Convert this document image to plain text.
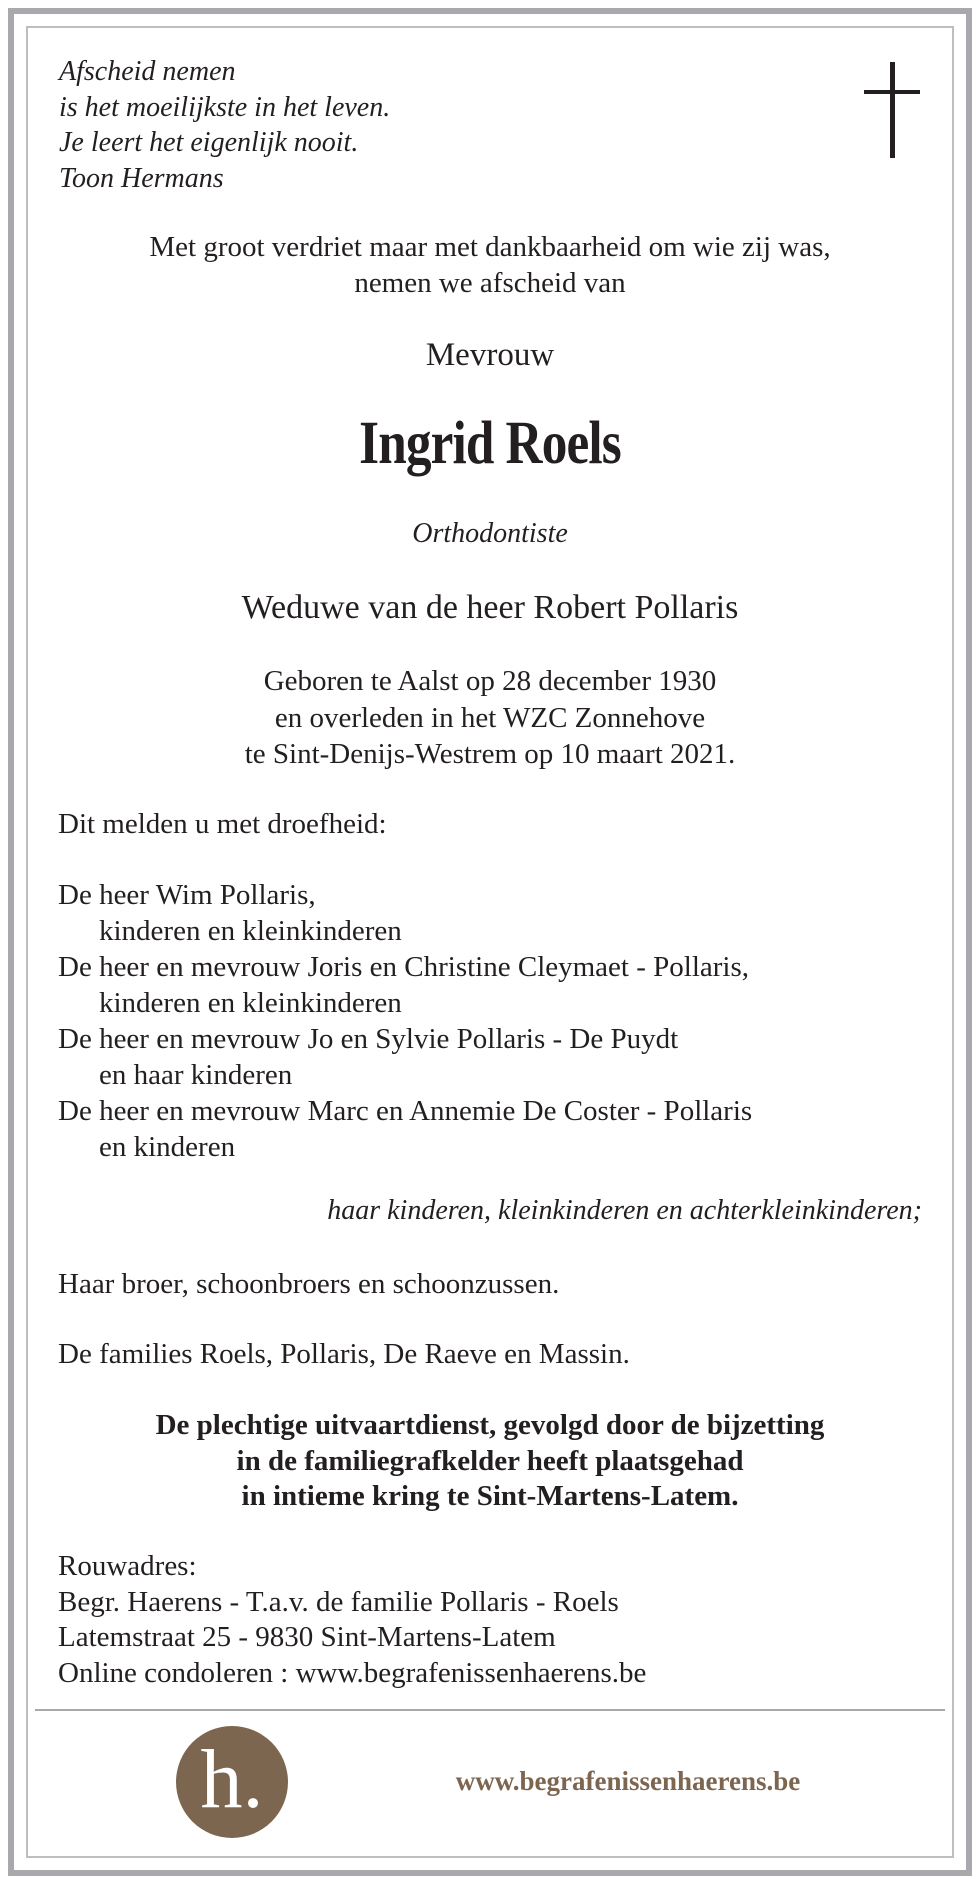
Afscheid nemen
is het moeilijkste in het leven.
Je leert het eigenlijk nooit.
Toon Hermans
Met groot verdriet maar met dankbaarheid om wie zij was,
nemen we afscheid van
Mevrouw
Ingrid Roels
Orthodontiste
Weduwe van de heer Robert Pollaris
Geboren te Aalst op 28 december 1930
en overleden in het WZC Zonnehove
te Sint-Denijs-Westrem op 10 maart 2021.
Dit melden u met droefheid:
De heer Wim Pollaris,
kinderen en kleinkinderen
De heer en mevrouw Joris en Christine Cleymaet - Pollaris,
kinderen en kleinkinderen
De heer en mevrouw Jo en Sylvie Pollaris - De Puydt
en haar kinderen
De heer en mevrouw Marc en Annemie De Coster - Pollaris
en kinderen
haar kinderen, kleinkinderen en achterkleinkinderen;
Haar broer, schoonbroers en schoonzussen.
De families Roels, Pollaris, De Raeve en Massin.
De plechtige uitvaartdienst, gevolgd door de bijzetting
in de familiegrafkelder heeft plaatsgehad
in intieme kring te Sint-Martens-Latem.
Rouwadres:
Begr. Haerens - T.a.v. de familie Pollaris - Roels
Latemstraat 25 - 9830 Sint-Martens-Latem
Online condoleren : www.begrafenissenhaerens.be
h.	www.begrafenissenhaerens.be
